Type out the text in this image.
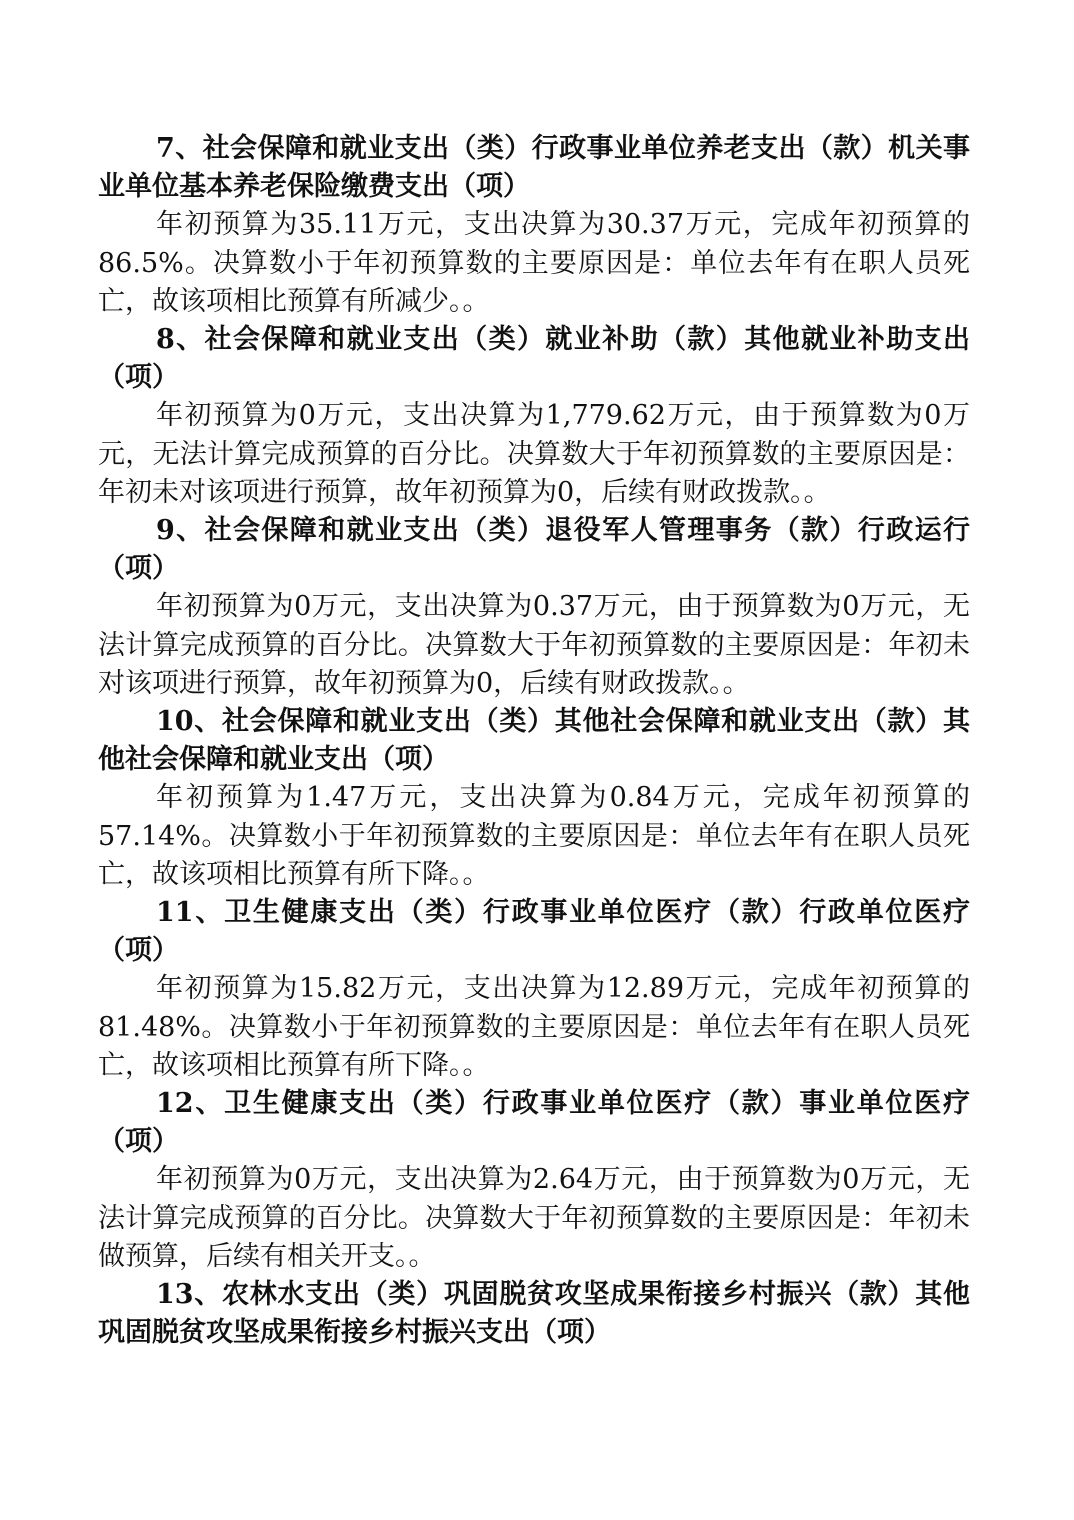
7、社会保障和就业支出（类）行政事业单位养老支出（款）机关事业单位基本养老保险缴费支出（项）

年初预算为35.11万元，支出决算为30.37万元，完成年初预算的86.5%。决算数小于年初预算数的主要原因是：单位去年有在职人员死亡，故该项相比预算有所减少。。

8、社会保障和就业支出（类）就业补助（款）其他就业补助支出（项）

年初预算为0万元，支出决算为1,779.62万元，由于预算数为0万元，无法计算完成预算的百分比。决算数大于年初预算数的主要原因是：年初未对该项进行预算，故年初预算为0，后续有财政拨款。。

9、社会保障和就业支出（类）退役军人管理事务（款）行政运行（项）

年初预算为0万元，支出决算为0.37万元，由于预算数为0万元，无法计算完成预算的百分比。决算数大于年初预算数的主要原因是：年初未对该项进行预算，故年初预算为0，后续有财政拨款。。

10、社会保障和就业支出（类）其他社会保障和就业支出（款）其他社会保障和就业支出（项）

年初预算为1.47万元，支出决算为0.84万元，完成年初预算的57.14%。决算数小于年初预算数的主要原因是：单位去年有在职人员死亡，故该项相比预算有所下降。。

11、卫生健康支出（类）行政事业单位医疗（款）行政单位医疗（项）

年初预算为15.82万元，支出决算为12.89万元，完成年初预算的81.48%。决算数小于年初预算数的主要原因是：单位去年有在职人员死亡，故该项相比预算有所下降。。

12、卫生健康支出（类）行政事业单位医疗（款）事业单位医疗（项）

年初预算为0万元，支出决算为2.64万元，由于预算数为0万元，无法计算完成预算的百分比。决算数大于年初预算数的主要原因是：年初未做预算，后续有相关开支。。

13、农林水支出（类）巩固脱贫攻坚成果衔接乡村振兴（款）其他巩固脱贫攻坚成果衔接乡村振兴支出（项）
